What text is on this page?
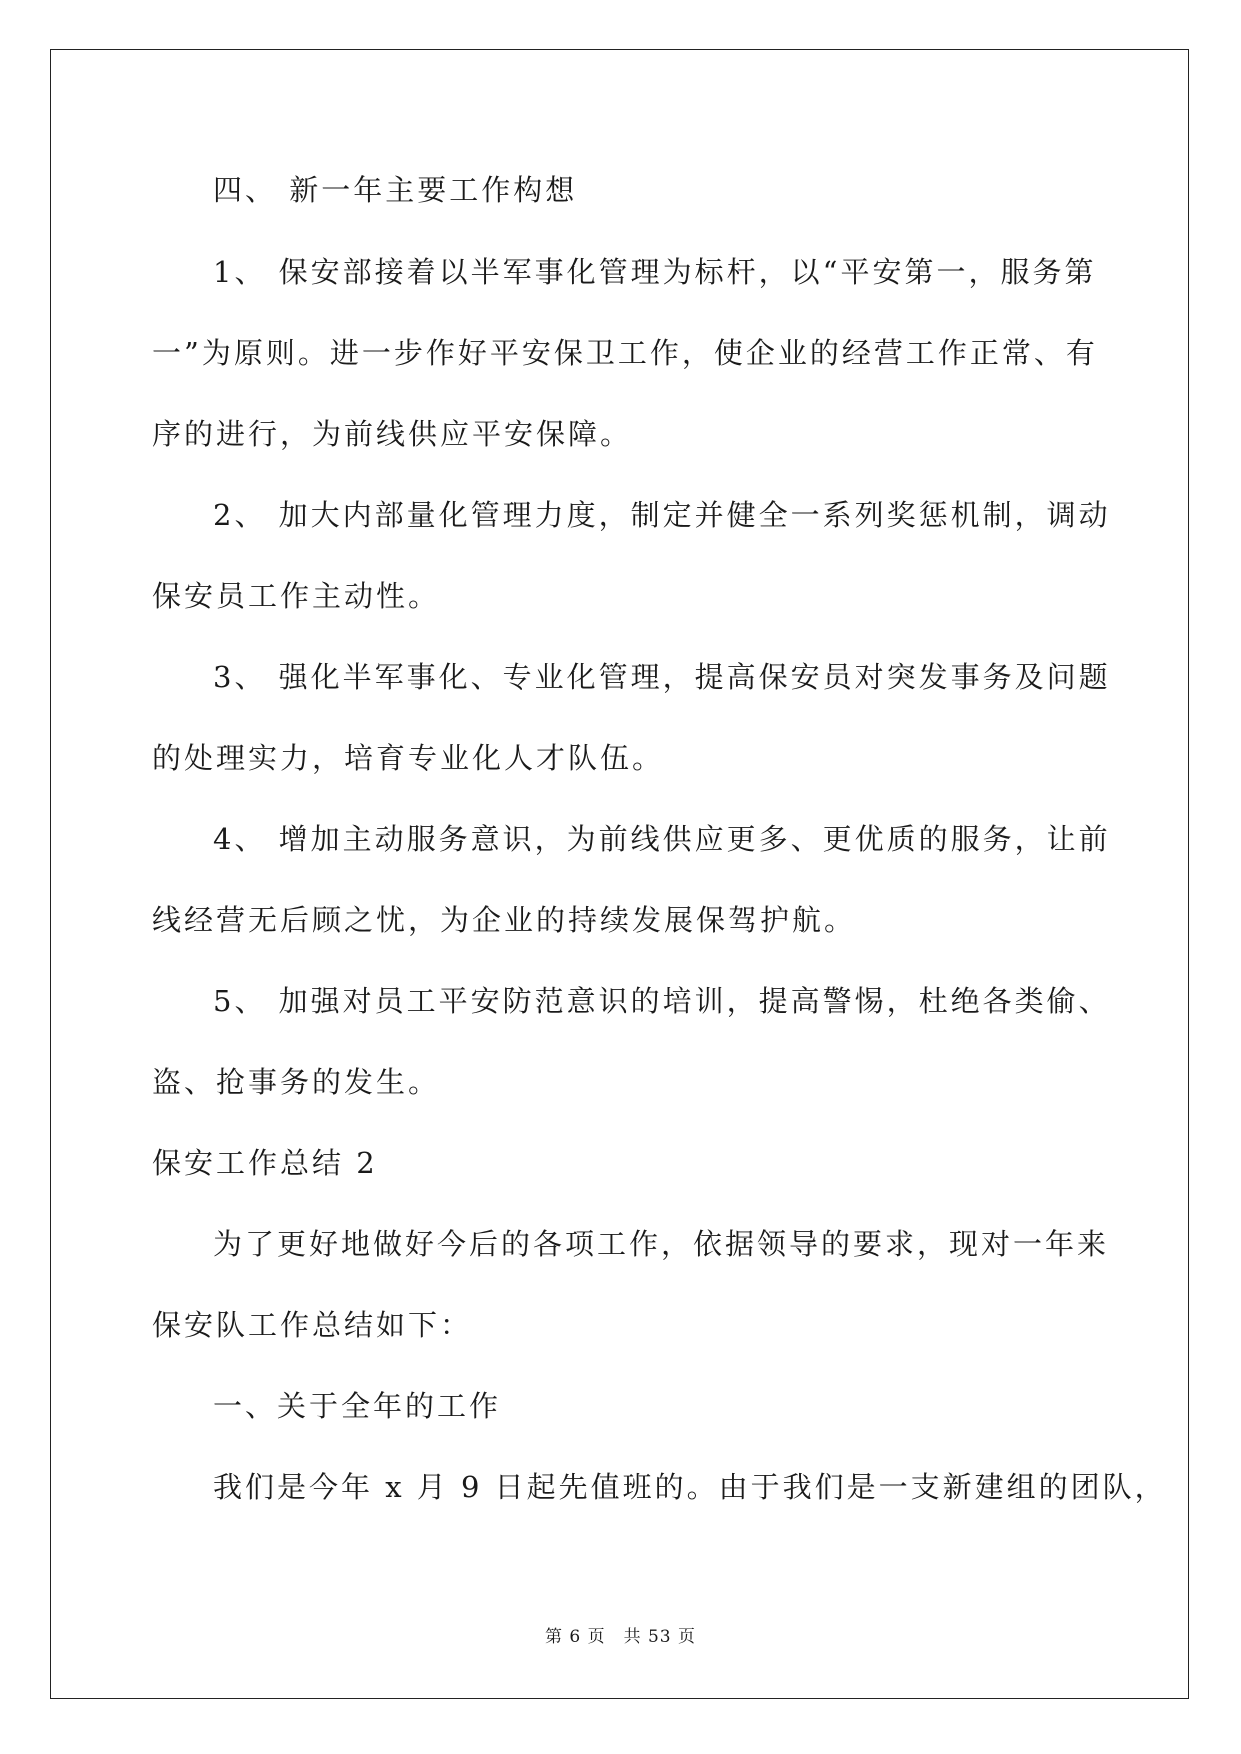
四、 新一年主要工作构想
1、 保安部接着以半军事化管理为标杆，以“平安第一，服务第
一”为原则。进一步作好平安保卫工作，使企业的经营工作正常、有
序的进行，为前线供应平安保障。
2、 加大内部量化管理力度，制定并健全一系列奖惩机制，调动
保安员工作主动性。
3、 强化半军事化、专业化管理，提高保安员对突发事务及问题
的处理实力，培育专业化人才队伍。
4、 增加主动服务意识，为前线供应更多、更优质的服务，让前
线经营无后顾之忧，为企业的持续发展保驾护航。
5、 加强对员工平安防范意识的培训，提高警惕，杜绝各类偷、
盗、抢事务的发生。
保安工作总结 2
为了更好地做好今后的各项工作，依据领导的要求，现对一年来
保安队工作总结如下：
一、关于全年的工作
我们是今年 x 月 9 日起先值班的。由于我们是一支新建组的团队，
第 6 页　共 53 页
